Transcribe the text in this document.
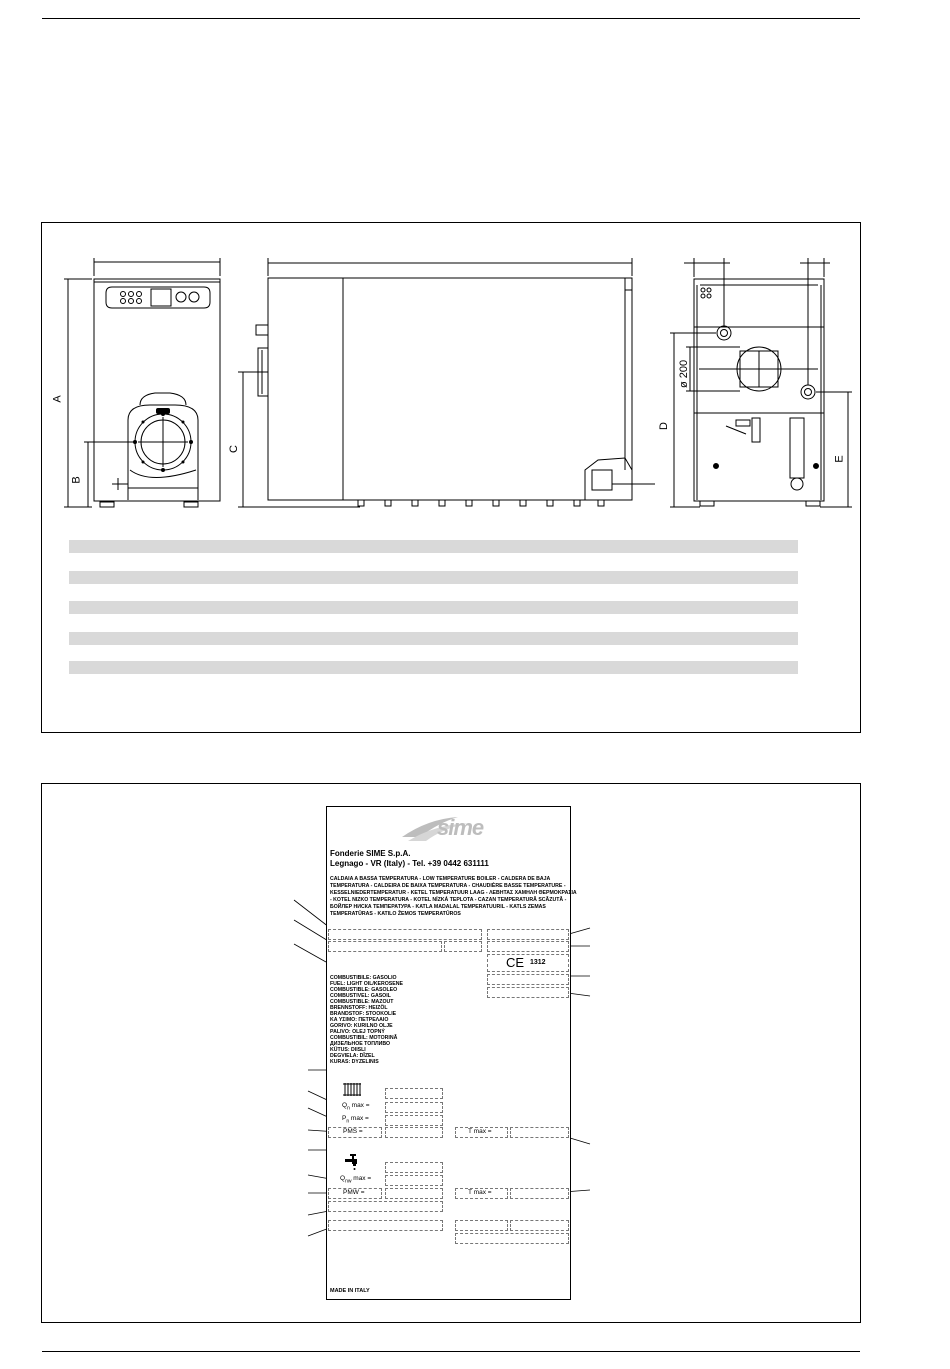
A
B
C
ø 200
D
E
sime
Fonderie SIME S.p.A.
Legnago - VR (Italy) - Tel. +39 0442 631111
CALDAIA A BASSA TEMPERATURA - LOW TEMPERATURE BOILER - CALDERA DE BAJA
TEMPERATURA - CALDEIRA DE BAIXA TEMPERATURA - CHAUDIÈRE BASSE TEMPERATURE -
KESSELNIEDERTEMPERATUR - KETEL TEMPERATUUR LAAG - ΛΕΒΗΤΑΣ ΧΑΜΗΛΗ ΘΕΡΜΟΚΡΑΣΙΑ
- KOTEL NIZKO TEMPERATURA - KOTEL NÍZKÁ TEPLOTA - CAZAN TEMPERATURĂ SCĂZUTĂ -
БОЙЛЕР НИСКА ТЕМПЕРАТУРА - KATLA MADALAL TEMPERATUURIL - KATLS ZEMAS
TEMPERATŪRAS - KATILO ŽEMOS TEMPERATŪROS
CE 1312
COMBUSTIBILE: GASOLIO
FUEL: LIGHT OIL/KEROSENE
COMBUSTIBLE: GASOLEO
COMBUSTIVEL: GASOIL
COMBUSTIBLE: MAZOUT
BRENNSTOFF: HEIZÖL
BRANDSTOF: STOOKOLIE
ΚΑ ΥΣΙΜΟ: ΠΕΤΡΕΛΑΙΟ
GORIVO: KURILNO OLJE
PALIVO: OLEJ TOPNÝ
COMBUSTIBIL: MOTORINĂ
ДИЗЕЛЬНОЕ ТОПЛИВО
KÜTUS: DIISLI
DEGVIELA: DĪZEL
KURAS: DYZELINIS
$Q_n$ max =
$P_n$ max =
PMS =	T max =
$Q_{nw}$ max =
PMW =	T max =
MADE IN ITALY
